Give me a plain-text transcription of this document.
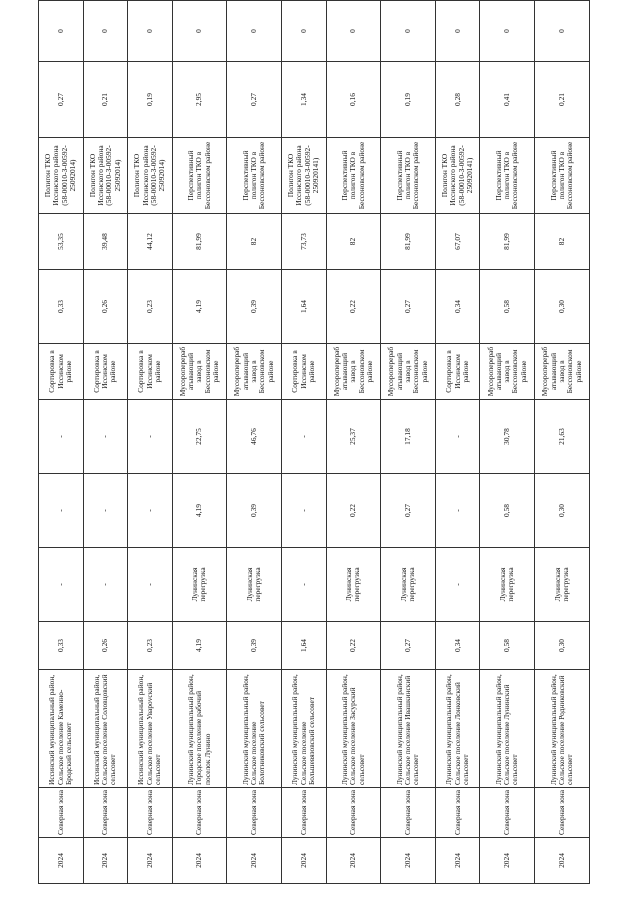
2024	Северная зона	Иссинский муниципальный район, Сельское поселение Каменно-Бродский сельсовет	0,33	-	-	-	Сортировка в Иссинском районе	0,33	53,35	Полигон ТКО Иссинского района (58-00010-З-00592-25092014)	0,27	0
2024	Северная зона	Иссинский муниципальный район, Сельское поселение Соловцовский сельсовет	0,26	-	-	-	Сортировка в Иссинском районе	0,26	39,48	Полигон ТКО Иссинского района (58-00010-З-00592-25092014)	0,21	0
2024	Северная зона	Иссинский муниципальный район, Сельское поселение Уварovский сельсовет	0,23	-	-	-	Сортировка в Иссинском районе	0,23	44,12	Полигон ТКО Иссинского района (58-00010-З-00592-25092014)	0,19	0
2024	Северная зона	Лунинский муниципальный район, Городское поселение рабочий поселок Лунино	4,19	Лунинская перегрузка	4,19	22,75	Мусороперерабатывающий завод в Бессоновском районе	4,19	81,99	Перспективный полигон ТКО в Бессоновском районе	2,95	0
2024	Северная зона	Лунинский муниципальный район, Сельское поселение Болотниковский сельсовет	0,39	Лунинская перегрузка	0,39	46,76	Мусороперерабатывающий завод в Бессоновском районе	0,39	82	Перспективный полигон ТКО в Бессоновском районе	0,27	0
2024	Северная зона	Лунинский муниципальный район, Сельское поселение Большевязовский сельсовет	1,64	-	-	-	Сортировка в Иссинском районе	1,64	73,73	Полигон ТКО Иссинского района (58-00010-З-00592-250920141)	1,34	0
2024	Северная зона	Лунинский муниципальный район, Сельское поселение Засурский сельсовет	0,22	Лунинская перегрузка	0,22	25,37	Мусороперерабатывающий завод в Бессоновском районе	0,22	82	Перспективный полигон ТКО в Бессоновском районе	0,16	0
2024	Северная зона	Лунинский муниципальный район, Сельское поселение Ивашкинский сельсовет	0,27	Лунинская перегрузка	0,27	17,18	Мусороперерабатывающий завод в Бессоновском районе	0,27	81,99	Перспективный полигон ТКО в Бессоновском районе	0,19	0
2024	Северная зона	Лунинский муниципальный район, Сельское поселение Лонковский сельсовет	0,34	-	-	-	Сортировка в Иссинском районе	0,34	67,07	Полигон ТКО Иссинского района (58-00010-З-00592-250920141)	0,28	0
2024	Северная зона	Лунинский муниципальный район, Сельское поселение Лунинский сельсовет	0,58	Лунинская перегрузка	0,58	30,78	Мусороперерабатывающий завод в Бессоновском районе	0,58	81,99	Перспективный полигон ТКО в Бессоновском районе	0,41	0
2024	Северная зона	Лунинский муниципальный район, Сельское поселение Родниковский сельсовет	0,30	Лунинская перегрузка	0,30	21,63	Мусороперерабатывающий завод в Бессоновском районе	0,30	82	Перспективный полигон ТКО в Бессоновском районе	0,21	0
